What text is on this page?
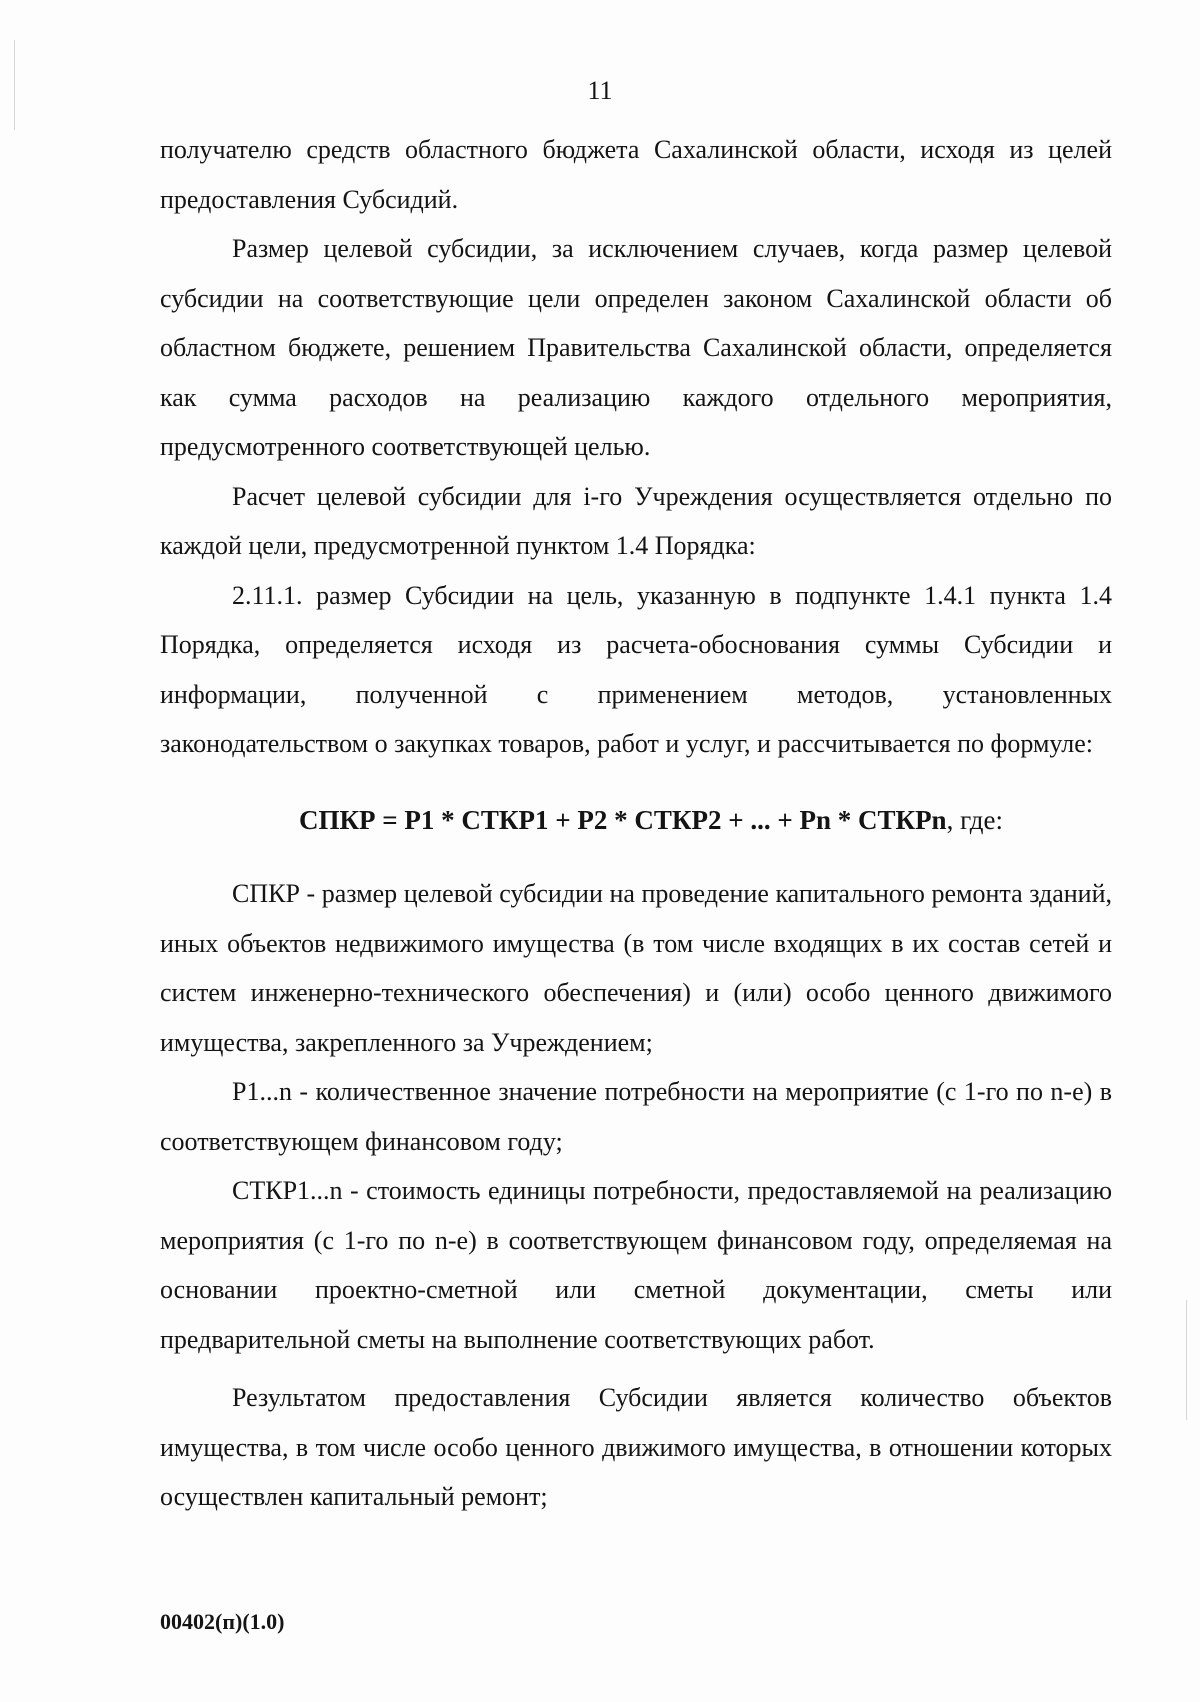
11

получателю средств областного бюджета Сахалинской области, исходя из целей предоставления Субсидий.

Размер целевой субсидии, за исключением случаев, когда размер целевой субсидии на соответствующие цели определен законом Сахалинской области об областном бюджете, решением Правительства Сахалинской области, определяется как сумма расходов на реализацию каждого отдельного мероприятия, предусмотренного соответствующей целью.

Расчет целевой субсидии для i-го Учреждения осуществляется отдельно по каждой цели, предусмотренной пунктом 1.4 Порядка:

2.11.1. размер Субсидии на цель, указанную в подпункте 1.4.1 пункта 1.4 Порядка, определяется исходя из расчета-обоснования суммы Субсидии и информации, полученной с применением методов, установленных законодательством о закупках товаров, работ и услуг, и рассчитывается по формуле:

СПКР = Р1 * СТКР1 + Р2 * СТКР2 + ... + Рn * СТКРn, где:

СПКР - размер целевой субсидии на проведение капитального ремонта зданий, иных объектов недвижимого имущества (в том числе входящих в их состав сетей и систем инженерно-технического обеспечения) и (или) особо ценного движимого имущества, закрепленного за Учреждением;

Р1...n - количественное значение потребности на мероприятие (с 1-го по n-е) в соответствующем финансовом году;

СТКР1...n - стоимость единицы потребности, предоставляемой на реализацию мероприятия (с 1-го по n-е) в соответствующем финансовом году, определяемая на основании проектно-сметной или сметной документации, сметы или предварительной сметы на выполнение соответствующих работ.

Результатом предоставления Субсидии является количество объектов имущества, в том числе особо ценного движимого имущества, в отношении которых осуществлен капитальный ремонт;

00402(п)(1.0)
